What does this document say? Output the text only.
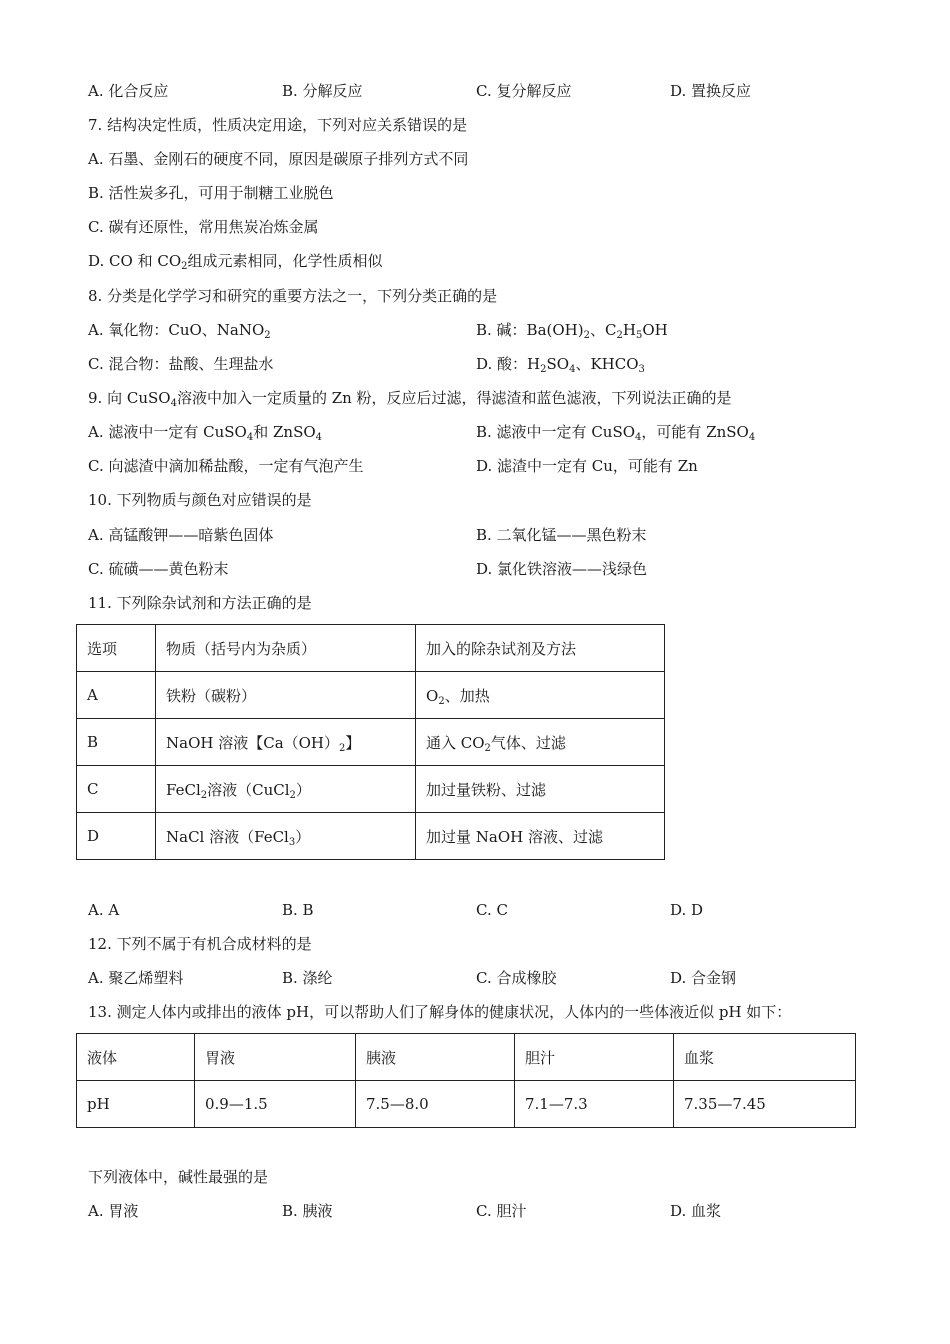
A. 化合反应	B. 分解反应	C. 复分解反应	D. 置换反应
7. 结构决定性质，性质决定用途，下列对应关系错误的是
A. 石墨、金刚石的硬度不同，原因是碳原子排列方式不同
B. 活性炭多孔，可用于制糖工业脱色
C. 碳有还原性，常用焦炭冶炼金属
D. CO 和 $CO_2$组成元素相同，化学性质相似
8. 分类是化学学习和研究的重要方法之一，下列分类正确的是
A. 氧化物：CuO、NaNO$_2$	B. 碱：$Ba(OH)_2$、$C_2H_5OH$
C. 混合物：盐酸、生理盐水	D. 酸：$H_2SO_4$、$KHCO_3$
9. 向 CuSO$_4$溶液中加入一定质量的 Zn 粉，反应后过滤，得滤渣和蓝色滤液，下列说法正确的是
A. 滤液中一定有 CuSO$_4$和 ZnSO$_4$	B. 滤液中一定有 CuSO$_4$，可能有 ZnSO$_4$
C. 向滤渣中滴加稀盐酸，一定有气泡产生	D. 滤渣中一定有 Cu，可能有 Zn
10. 下列物质与颜色对应错误的是
A. 高锰酸钾——暗紫色固体	B. 二氧化锰——黑色粉末
C. 硫磺——黄色粉末	D. 氯化铁溶液——浅绿色
11. 下列除杂试剂和方法正确的是
选项	物质（括号内为杂质）	加入的除杂试剂及方法
A	铁粉（碳粉）	$O_2$、加热
B	NaOH 溶液【$Ca(OH)_2$】	通入 $CO_2$气体、过滤
C	FeCl$_2$溶液（CuCl$_2$）	加过量铁粉、过滤
D	NaCl 溶液（FeCl$_3$）	加过量 NaOH 溶液、过滤
A. A	B. B	C. C	D. D
12. 下列不属于有机合成材料的是
A. 聚乙烯塑料	B. 涤纶	C. 合成橡胶	D. 合金钢
13. 测定人体内或排出的液体 pH，可以帮助人们了解身体的健康状况，人体内的一些体液近似 pH 如下：
液体	胃液	胰液	胆汁	血浆
pH	0.9—1.5	7.5—8.0	7.1—7.3	7.35—7.45
下列液体中，碱性最强的是
A. 胃液	B. 胰液	C. 胆汁	D. 血浆
